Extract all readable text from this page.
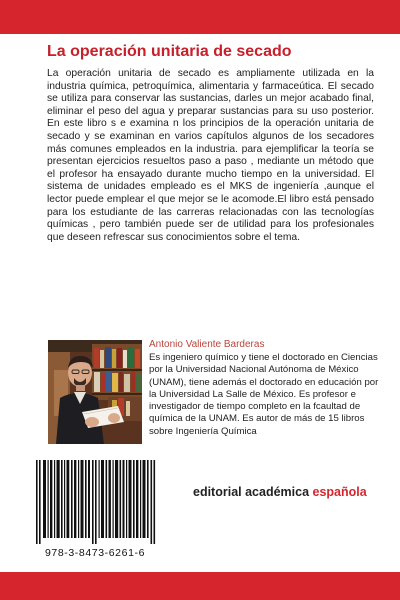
La operación unitaria de secado

La operación unitaria de secado es ampliamente utilizada en la industria química, petroquímica, alimentaria y farmaceútica. El secado se utiliza para conservar las sustancias, darles un mejor acabado final, eliminar el peso del agua y preparar sustancias para su uso posterior. En este libro s e examina n los principios de la operación unitaria de secado y se examinan en varios capítulos algunos de los secadores más comunes empleados en la industria. para ejemplificar la teoría se presentan ejercicios resueltos paso a paso , mediante un método que el profesor ha ensayado durante mucho tiempo en la universidad. El sistema de unidades empleado es el MKS de ingeniería ,aunque el lector puede emplear el que mejor se le acomode.El libro está pensado para los estudiante de las carreras relacionadas con las tecnologías químicas , pero también puede ser de utilidad para los profesionales que deseen refrescar sus conocimientos sobre el tema.

Antonio Valiente Barderas

Es ingeniero químico y tiene el doctorado en Ciencias por la Universidad Nacional Autónoma de México (UNAM), tiene además el doctorado en educación por la Universidad La Salle de México. Es profesor e investigador de tiempo completo en la fcaultad de química de la UNAM. Es autor de más de 15 libros sobre Ingeniería Química

978-3-8473-6261-6
editorial académica española
